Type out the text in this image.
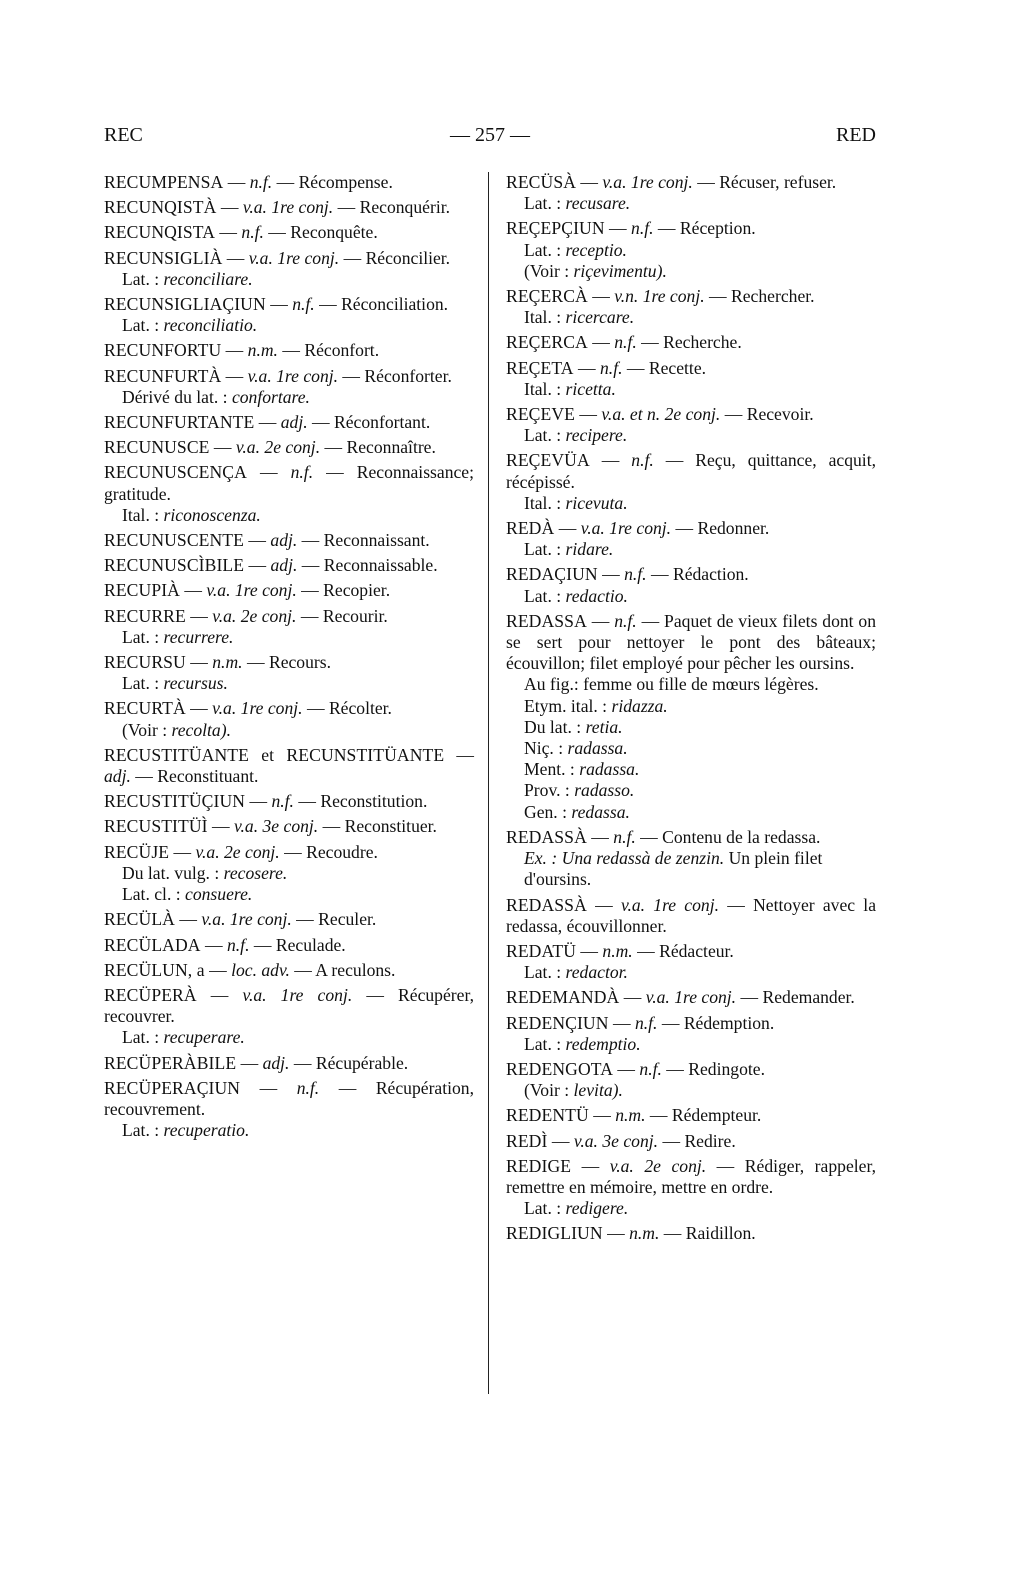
REC	— 257 —	RED

RECUMPENSA — n.f. — Récompense.

RECUNQISTÀ — v.a. 1re conj. — Reconquérir.

RECUNQISTA — n.f. — Reconquête.

RECUNSIGLIÀ — v.a. 1re conj. — Réconcilier.

Lat. : reconciliare.

RECUNSIGLIAÇIUN — n.f. — Réconciliation.

Lat. : reconciliatio.

RECUNFORTU — n.m. — Réconfort.

RECUNFURTÀ — v.a. 1re conj. — Réconforter.

Dérivé du lat. : confortare.

RECUNFURTANTE — adj. — Réconfortant.

RECUNUSCE — v.a. 2e conj. — Reconnaître.

RECUNUSCENÇA — n.f. — Reconnaissance; gratitude.

Ital. : riconoscenza.

RECUNUSCENTE — adj. — Reconnaissant.

RECUNUSCÌBILE — adj. — Reconnaissable.

RECUPIÀ — v.a. 1re conj. — Recopier.

RECURRE — v.a. 2e conj. — Recourir.

Lat. : recurrere.

RECURSU — n.m. — Recours.

Lat. : recursus.

RECURTÀ — v.a. 1re conj. — Récolter.

(Voir : recolta).

RECUSTITÜANTE et RECUNSTITÜANTE — adj. — Reconstituant.

RECUSTITÜÇIUN — n.f. — Reconstitution.

RECUSTITÜÌ — v.a. 3e conj. — Reconstituer.

RECÜJE — v.a. 2e conj. — Recoudre.

Du lat. vulg. : recosere.

Lat. cl. : consuere.

RECÜLÀ — v.a. 1re conj. — Reculer.

RECÜLADA — n.f. — Reculade.

RECÜLUN, a — loc. adv. — A reculons.

RECÜPERÀ — v.a. 1re conj. — Récupérer, recouvrer.

Lat. : recuperare.

RECÜPERÀBILE — adj. — Récupérable.

RECÜPERAÇIUN — n.f. — Récupération, recouvrement.

Lat. : recuperatio.

RECÜSÀ — v.a. 1re conj. — Récuser, refuser.

Lat. : recusare.

REÇEPÇIUN — n.f. — Réception.

Lat. : receptio.

(Voir : riçevimentu).

REÇERCÀ — v.n. 1re conj. — Rechercher.

Ital. : ricercare.

REÇERCA — n.f. — Recherche.

REÇETA — n.f. — Recette.

Ital. : ricetta.

REÇEVE — v.a. et n. 2e conj. — Recevoir.

Lat. : recipere.

REÇEVÜA — n.f. — Reçu, quittance, acquit, récépissé.

Ital. : ricevuta.

REDÀ — v.a. 1re conj. — Redonner.

Lat. : ridare.

REDAÇIUN — n.f. — Rédaction.

Lat. : redactio.

REDASSA — n.f. — Paquet de vieux filets dont on se sert pour nettoyer le pont des bâteaux; écouvillon; filet employé pour pêcher les oursins.

Au fig.: femme ou fille de mœurs légères.

Etym. ital. : ridazza.

Du lat. : retia.

Niç. : radassa.

Ment. : radassa.

Prov. : radasso.

Gen. : redassa.

REDASSÀ — n.f. — Contenu de la redassa.

Ex. : Una redassà de zenzin. Un plein filet d'oursins.

REDASSÀ — v.a. 1re conj. — Nettoyer avec la redassa, écouvillonner.

REDATÜ — n.m. — Rédacteur.

Lat. : redactor.

REDEMANDÀ — v.a. 1re conj. — Redemander.

REDENÇIUN — n.f. — Rédemption.

Lat. : redemptio.

REDENGOTA — n.f. — Redingote.

(Voir : levita).

REDENTÜ — n.m. — Rédempteur.

REDÌ — v.a. 3e conj. — Redire.

REDIGE — v.a. 2e conj. — Rédiger, rappeler, remettre en mémoire, mettre en ordre.

Lat. : redigere.

REDIGLIUN — n.m. — Raidillon.
